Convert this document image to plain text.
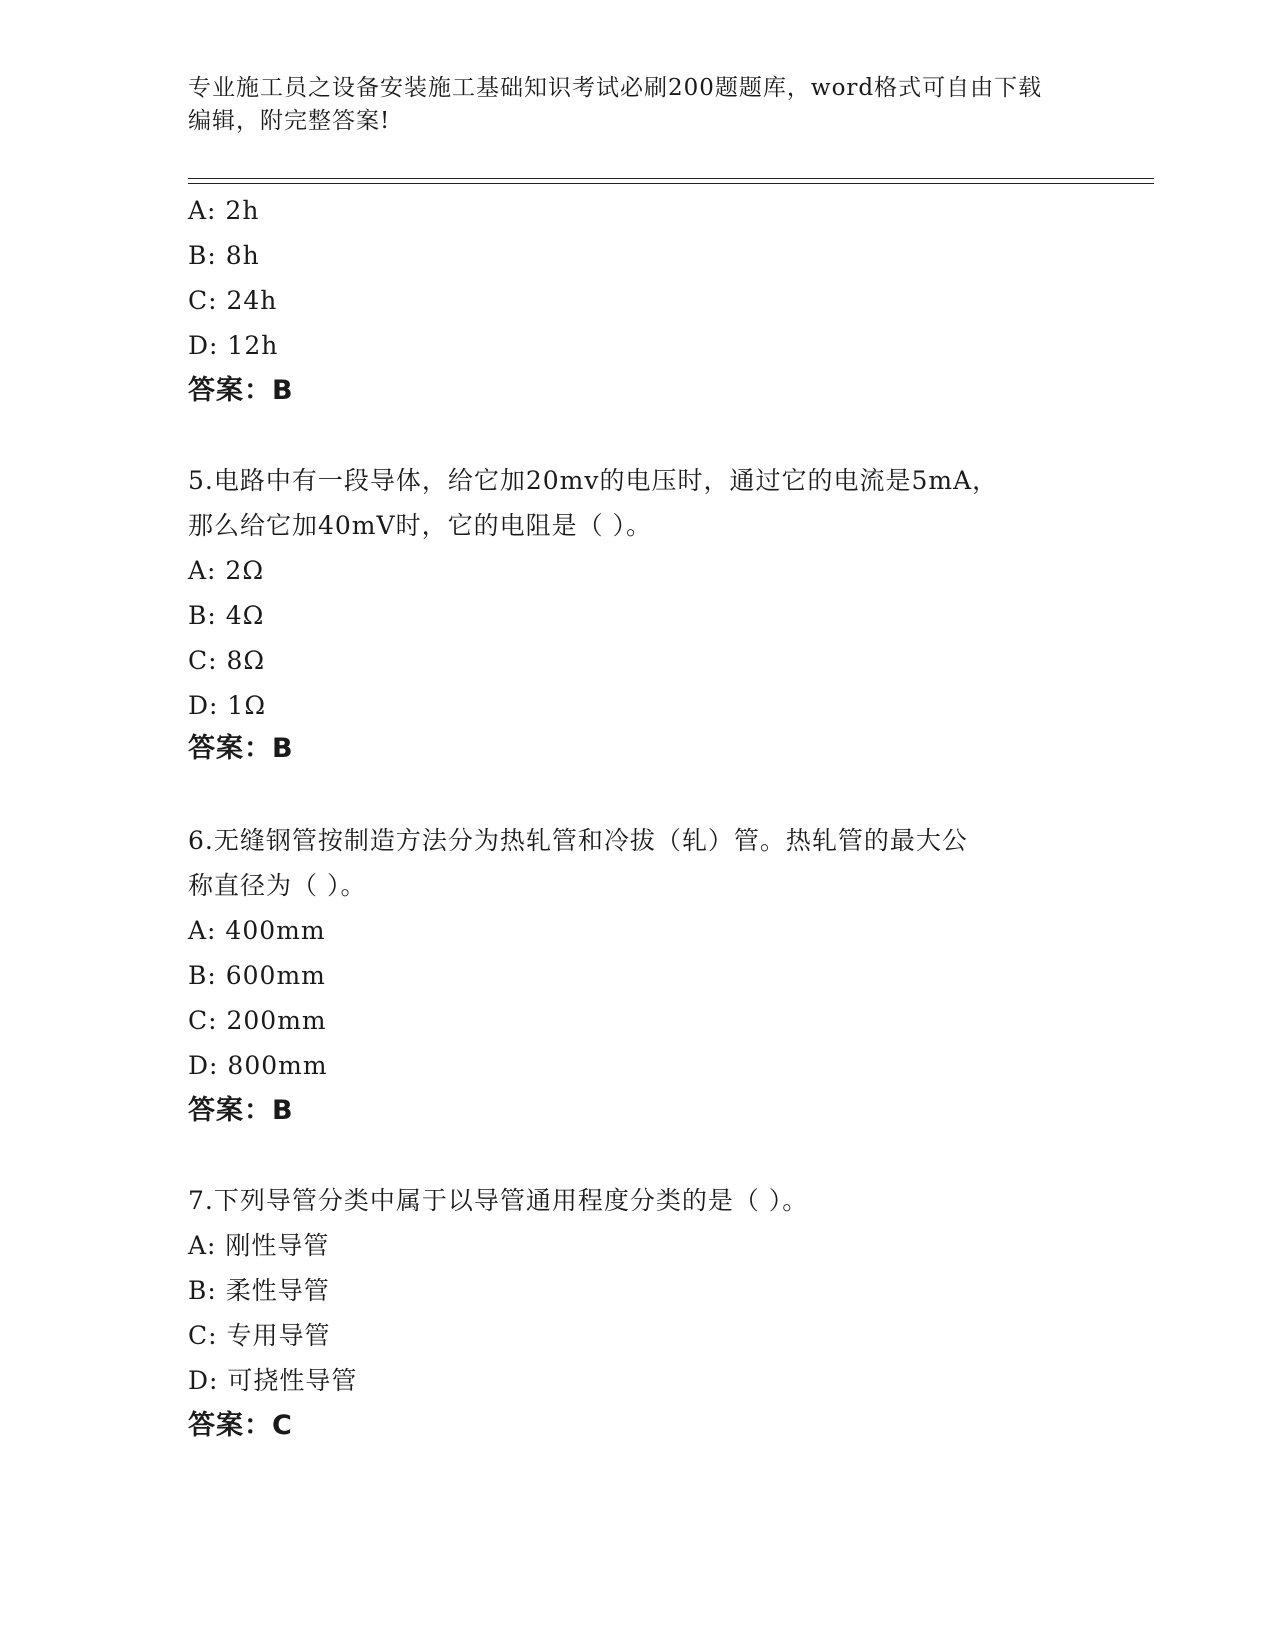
专业施工员之设备安装施工基础知识考试必刷200题题库，word格式可自由下载
编辑，附完整答案!
A: 2h
B: 8h
C: 24h
D: 12h
答案：B
5.电路中有一段导体，给它加20mv的电压时，通过它的电流是5mA，
那么给它加40mV时，它的电阻是（ ）。
A: 2Ω
B: 4Ω
C: 8Ω
D: 1Ω
答案：B
6.无缝钢管按制造方法分为热轧管和冷拔（轧）管。热轧管的最大公
称直径为（ ）。
A: 400mm
B: 600mm
C: 200mm
D: 800mm
答案：B
7.下列导管分类中属于以导管通用程度分类的是（ ）。
A: 刚性导管
B: 柔性导管
C: 专用导管
D: 可挠性导管
答案：C
